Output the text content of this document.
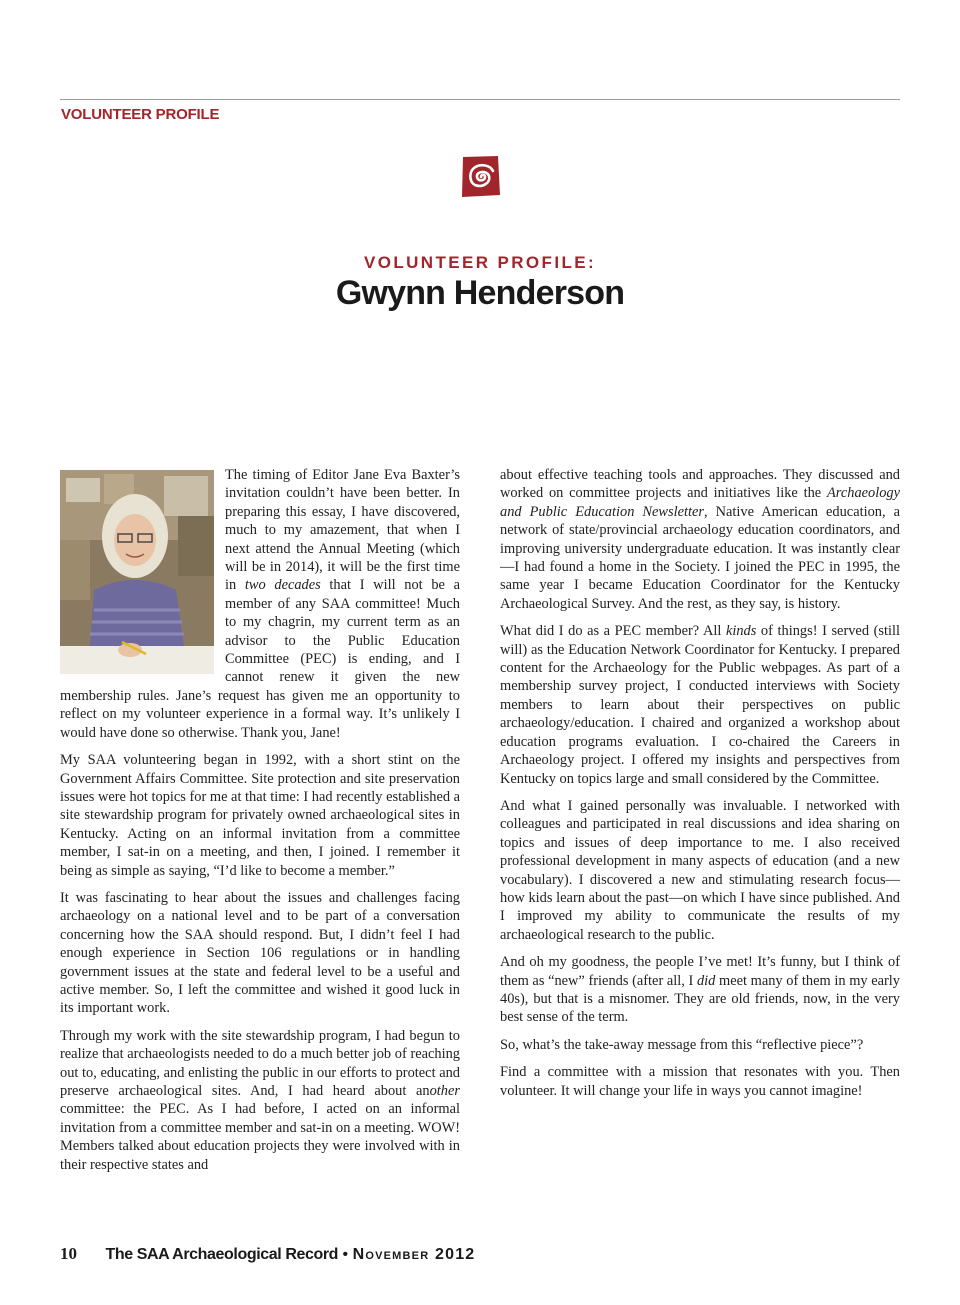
VOLUNTEER PROFILE
VOLUNTEER PROFILE:
Gwynn Henderson

The timing of Editor Jane Eva Baxter’s invitation couldn’t have been better. In preparing this essay, I have discovered, much to my amazement, that when I next attend the Annual Meeting (which will be in 2014), it will be the first time in two decades that I will not be a member of any SAA committee! Much to my chagrin, my current term as an advisor to the Public Education Committee (PEC) is ending, and I cannot renew it given the new membership rules. Jane’s request has given me an opportunity to reflect on my volunteer experience in a formal way. It’s unlikely I would have done so otherwise. Thank you, Jane!

My SAA volunteering began in 1992, with a short stint on the Government Affairs Committee. Site protection and site preservation issues were hot topics for me at that time: I had recently established a site stewardship program for privately owned archaeological sites in Kentucky. Acting on an informal invitation from a committee member, I sat-in on a meeting, and then, I joined. I remember it being as simple as saying, “I’d like to become a member.”

It was fascinating to hear about the issues and challenges facing archaeology on a national level and to be part of a conversation concerning how the SAA should respond. But, I didn’t feel I had enough experience in Section 106 regulations or in handling government issues at the state and federal level to be a useful and active member. So, I left the committee and wished it good luck in its important work.

Through my work with the site stewardship program, I had begun to realize that archaeologists needed to do a much better job of reaching out to, educating, and enlisting the public in our efforts to protect and preserve archaeological sites. And, I had heard about another committee: the PEC. As I had before, I acted on an informal invitation from a committee member and sat-in on a meeting. WOW! Members talked about education projects they were involved with in their respective states and

about effective teaching tools and approaches. They discussed and worked on committee projects and initiatives like the Archaeology and Public Education Newsletter, Native American education, a network of state/provincial archaeology education coordinators, and improving university undergraduate education. It was instantly clear—I had found a home in the Society. I joined the PEC in 1995, the same year I became Education Coordinator for the Kentucky Archaeological Survey. And the rest, as they say, is history.

What did I do as a PEC member? All kinds of things! I served (still will) as the Education Network Coordinator for Kentucky. I prepared content for the Archaeology for the Public webpages. As part of a membership survey project, I conducted interviews with Society members to learn about their perspectives on public archaeology/education. I chaired and organized a workshop about education programs evaluation. I co-chaired the Careers in Archaeology project. I offered my insights and perspectives from Kentucky on topics large and small considered by the Committee.

And what I gained personally was invaluable. I networked with colleagues and participated in real discussions and idea sharing on topics and issues of deep importance to me. I also received professional development in many aspects of education (and a new vocabulary). I discovered a new and stimulating research focus—how kids learn about the past—on which I have since published. And I improved my ability to communicate the results of my archaeological research to the public.

And oh my goodness, the people I’ve met! It’s funny, but I think of them as “new” friends (after all, I did meet many of them in my early 40s), but that is a misnomer. They are old friends, now, in the very best sense of the term.

So, what’s the take-away message from this “reflective piece”?

Find a committee with a mission that resonates with you. Then volunteer. It will change your life in ways you cannot imagine!

10 The SAA Archaeological Record • November 2012
